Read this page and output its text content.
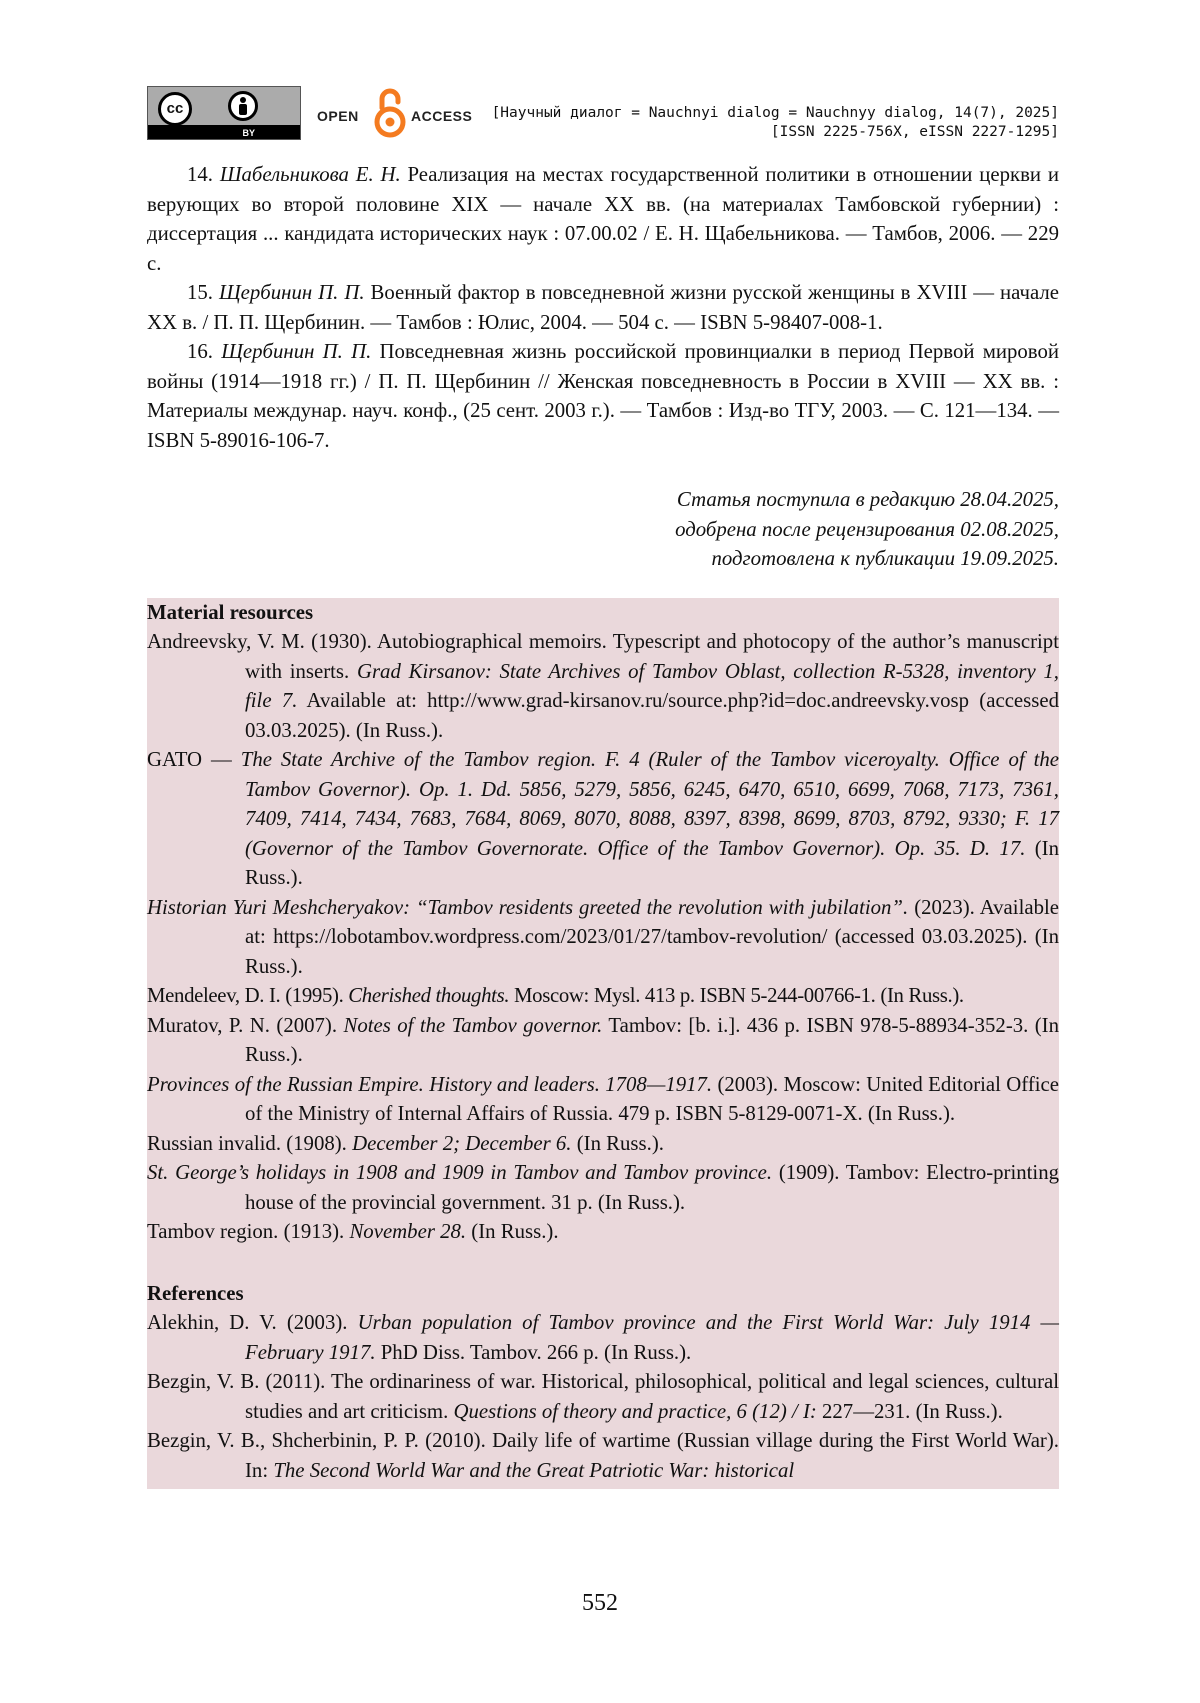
cc
BY
OPEN	ACCESS [Научный диалог = Nauchnyi dialog = Nauchnyy dialog, 14(7), 2025]
[ISSN 2225-756X, eISSN 2227-1295]

14. Шабельникова Е. Н. Реализация на местах государственной политики в отношении церкви и верующих во второй половине XIX — начале XX вв. (на материалах Тамбовской губернии) : диссертация ... кандидата исторических наук : 07.00.02 / Е. Н. Щабельникова. — Тамбов, 2006. — 229 с.

15. Щербинин П. П. Военный фактор в повседневной жизни русской женщины в XVIII — начале XX в. / П. П. Щербинин. — Тамбов : Юлис, 2004. — 504 с. — ISBN 5-98407-008-1.

16. Щербинин П. П. Повседневная жизнь российской провинциалки в период Первой мировой войны (1914—1918 гг.) / П. П. Щербинин // Женская повседневность в России в XVIII — XX вв. : Материалы междунар. науч. конф., (25 сент. 2003 г.). — Тамбов : Изд-во ТГУ, 2003. — С. 121—134. — ISBN 5-89016-106-7.

Статья поступила в редакцию 28.04.2025,
одобрена после рецензирования 02.08.2025,
подготовлена к публикации 19.09.2025.

Material resources

Andreevsky, V. M. (1930). Autobiographical memoirs. Typescript and photocopy of the author’s manuscript with inserts. Grad Kirsanov: State Archives of Tambov Oblast, collection R-5328, inventory 1, file 7. Available at: http://www.grad-kirsanov.ru/source.php?id=doc.andreevsky.vosp (accessed 03.03.2025). (In Russ.).

GATO — The State Archive of the Tambov region. F. 4 (Ruler of the Tambov viceroyalty. Office of the Tambov Governor). Op. 1. Dd. 5856, 5279, 5856, 6245, 6470, 6510, 6699, 7068, 7173, 7361, 7409, 7414, 7434, 7683, 7684, 8069, 8070, 8088, 8397, 8398, 8699, 8703, 8792, 9330; F. 17 (Governor of the Tambov Governorate. Office of the Tambov Governor). Op. 35. D. 17. (In Russ.).

Historian Yuri Meshcheryakov: “Tambov residents greeted the revolution with jubilation”. (2023). Available at: https://lobotambov.wordpress.com/2023/01/27/tambov-revolution/ (accessed 03.03.2025). (In Russ.).

Mendeleev, D. I. (1995). Cherished thoughts. Moscow: Mysl. 413 p. ISBN 5-244-00766-1. (In Russ.).

Muratov, P. N. (2007). Notes of the Tambov governor. Tambov: [b. i.]. 436 p. ISBN 978-5-88934-352-3. (In Russ.).

Provinces of the Russian Empire. History and leaders. 1708—1917. (2003). Moscow: United Editorial Office of the Ministry of Internal Affairs of Russia. 479 p. ISBN 5-8129-0071-X. (In Russ.).

Russian invalid. (1908). December 2; December 6. (In Russ.).

St. George’s holidays in 1908 and 1909 in Tambov and Tambov province. (1909). Tambov: Electro-printing house of the provincial government. 31 p. (In Russ.).

Tambov region. (1913). November 28. (In Russ.).

References

Alekhin, D. V. (2003). Urban population of Tambov province and the First World War: July 1914 — February 1917. PhD Diss. Tambov. 266 p. (In Russ.).

Bezgin, V. B. (2011). The ordinariness of war. Historical, philosophical, political and legal sciences, cultural studies and art criticism. Questions of theory and practice, 6 (12) / I: 227—231. (In Russ.).

Bezgin, V. B., Shcherbinin, P. P. (2010). Daily life of wartime (Russian village during the First World War). In: The Second World War and the Great Patriotic War: historical

552
